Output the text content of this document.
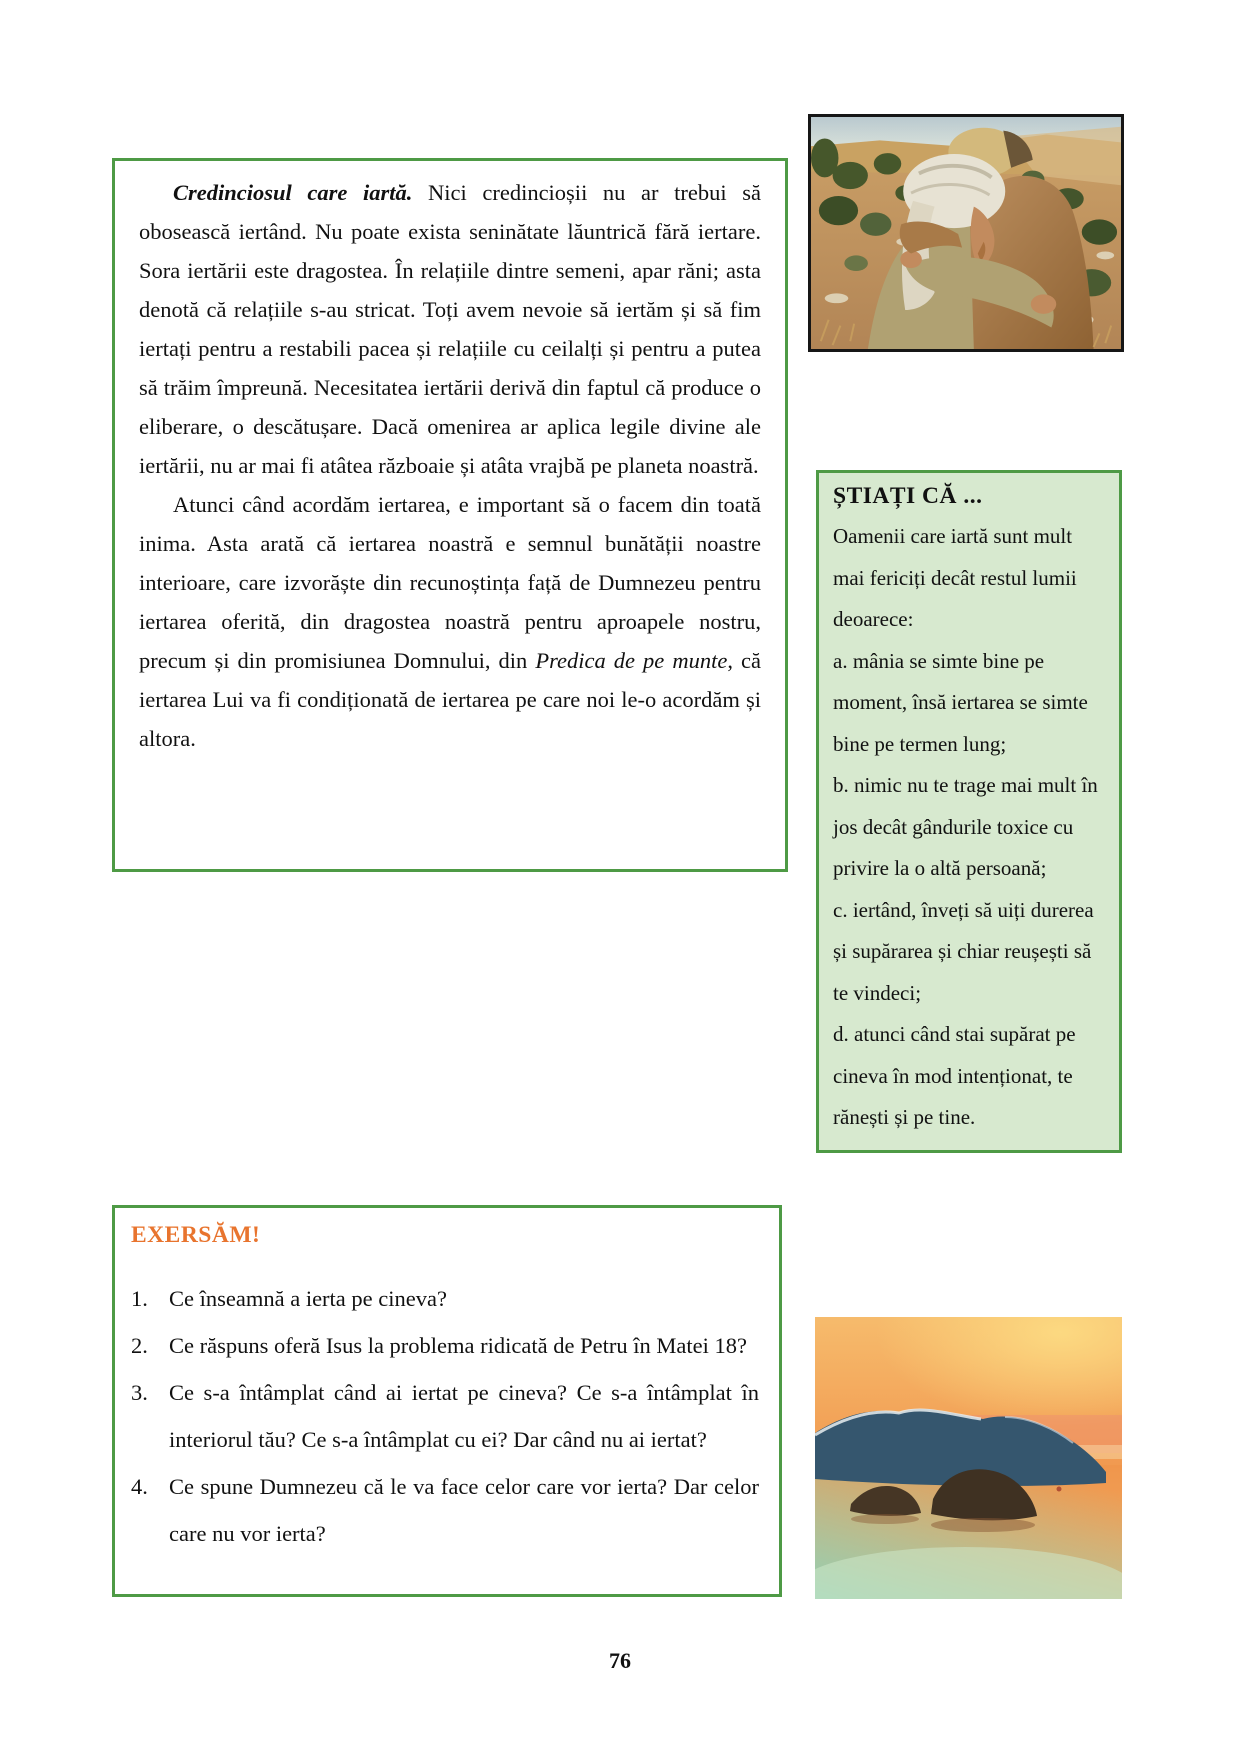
Credinciosul care iartă. Nici credincioșii nu ar trebui să obosească iertând. Nu poate exista seninătate lăuntrică fără iertare. Sora iertării este dragostea. În relațiile dintre semeni, apar răni; asta denotă că relațiile s-au stricat. Toți avem nevoie să iertăm și să fim iertați pentru a restabili pacea și relațiile cu ceilalți și pentru a putea să trăim împreună. Necesitatea iertării derivă din faptul că produce o eliberare, o descătușare. Dacă omenirea ar aplica legile divine ale iertării, nu ar mai fi atâtea războaie și atâta vrajbă pe planeta noastră.

Atunci când acordăm iertarea, e important să o facem din toată inima. Asta arată că iertarea noastră e semnul bunătății noastre interioare, care izvorăște din recunoștința față de Dumnezeu pentru iertarea oferită, din dragostea noastră pentru aproapele nostru, precum și din promisiunea Domnului, din Predica de pe munte, că iertarea Lui va fi condiționată de iertarea pe care noi le-o acordăm și altora.

ȘTIAȚI CĂ ...

Oamenii care iartă sunt mult mai fericiți decât restul lumii deoarece:

a. mânia se simte bine pe moment, însă iertarea se simte bine pe termen lung;

b. nimic nu te trage mai mult în jos decât gândurile toxice cu privire la o altă persoană;

c. iertând, înveți să uiți durerea și supărarea și chiar reușești să te vindeci;

d. atunci când stai supărat pe cineva în mod intenționat, te rănești și pe tine.

EXERSĂM!
1. Ce înseamnă a ierta pe cineva?
2. Ce răspuns oferă Isus la problema ridicată de Petru în Matei 18?
3. Ce s-a întâmplat când ai iertat pe cineva? Ce s-a întâmplat în interiorul tău? Ce s-a întâmplat cu ei? Dar când nu ai iertat?
4. Ce spune Dumnezeu că le va face celor care vor ierta? Dar celor care nu vor ierta?
76
